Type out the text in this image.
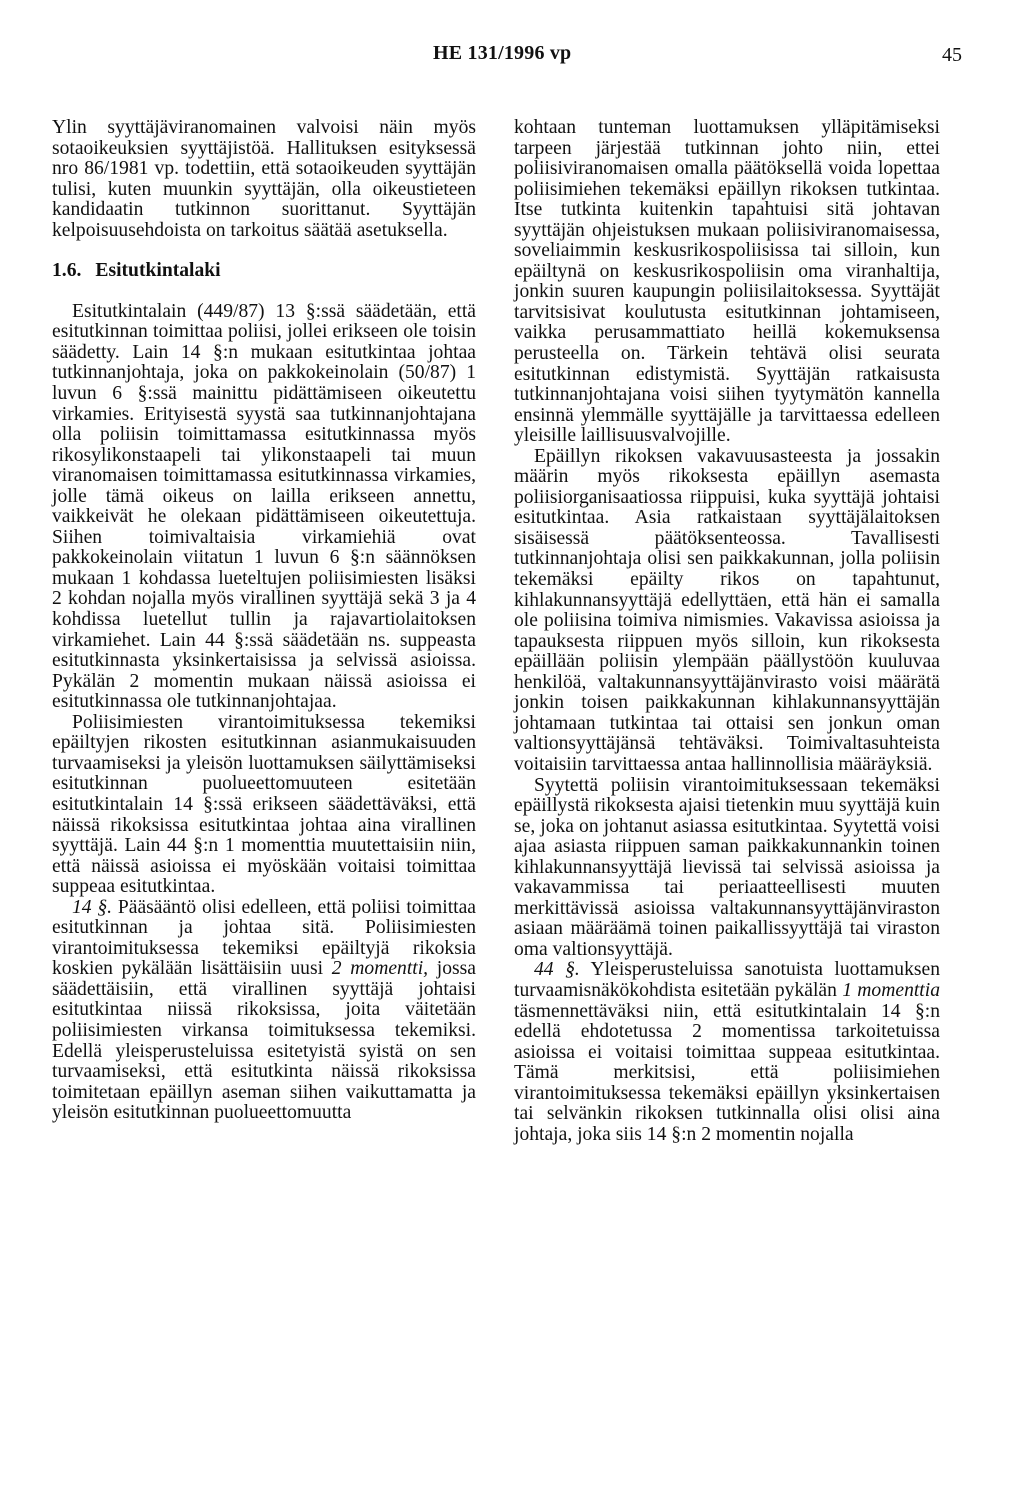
HE 131/1996 vp	45

Ylin syyttäjäviranomainen valvoisi näin myös sotaoikeuksien syyttäjistöä. Hallituksen esityksessä nro 86/1981 vp. todettiin, että sotaoikeuden syyttäjän tulisi, kuten muunkin syyttäjän, olla oikeustieteen kandidaatin tutkinnon suorittanut. Syyttäjän kelpoisuusehdoista on tarkoitus säätää asetuksella.

1.6. Esitutkintalaki

Esitutkintalain (449/87) 13 §:ssä säädetään, että esitutkinnan toimittaa poliisi, jollei erikseen ole toisin säädetty. Lain 14 §:n mukaan esitutkintaa johtaa tutkinnanjohtaja, joka on pakkokeinolain (50/87) 1 luvun 6 §:ssä mainittu pidättämiseen oikeutettu virkamies. Erityisestä syystä saa tutkinnanjohtajana olla poliisin toimittamassa esitutkinnassa myös rikosylikonstaapeli tai ylikonstaapeli tai muun viranomaisen toimittamassa esitutkinnassa virkamies, jolle tämä oikeus on lailla erikseen annettu, vaikkeivät he olekaan pidättämiseen oikeutettuja. Siihen toimivaltaisia virkamiehiä ovat pakkokeinolain viitatun 1 luvun 6 §:n säännöksen mukaan 1 kohdassa lueteltujen poliisimiesten lisäksi 2 kohdan nojalla myös virallinen syyttäjä sekä 3 ja 4 kohdissa luetellut tullin ja rajavartiolaitoksen virkamiehet. Lain 44 §:ssä säädetään ns. suppeasta esitutkinnasta yksinkertaisissa ja selvissä asioissa. Pykälän 2 momentin mukaan näissä asioissa ei esitutkinnassa ole tutkinnanjohtajaa.

Poliisimiesten virantoimituksessa tekemiksi epäiltyjen rikosten esitutkinnan asianmukaisuuden turvaamiseksi ja yleisön luottamuksen säilyttämiseksi esitutkinnan puolueettomuuteen esitetään esitutkintalain 14 §:ssä erikseen säädettäväksi, että näissä rikoksissa esitutkintaa johtaa aina virallinen syyttäjä. Lain 44 §:n 1 momenttia muutettaisiin niin, että näissä asioissa ei myöskään voitaisi toimittaa suppeaa esitutkintaa.

14 §. Pääsääntö olisi edelleen, että poliisi toimittaa esitutkinnan ja johtaa sitä. Poliisimiesten virantoimituksessa tekemiksi epäiltyjä rikoksia koskien pykälään lisättäisiin uusi 2 momentti, jossa säädettäisiin, että virallinen syyttäjä johtaisi esitutkintaa niissä rikoksissa, joita väitetään poliisimiesten virkansa toimituksessa tekemiksi. Edellä yleisperusteluissa esitetyistä syistä on sen turvaamiseksi, että esitutkinta näissä rikoksissa toimitetaan epäillyn aseman siihen vaikuttamatta ja yleisön esitutkinnan puolueettomuutta

kohtaan tunteman luottamuksen ylläpitämiseksi tarpeen järjestää tutkinnan johto niin, ettei poliisiviranomaisen omalla päätöksellä voida lopettaa poliisimiehen tekemäksi epäillyn rikoksen tutkintaa. Itse tutkinta kuitenkin tapahtuisi sitä johtavan syyttäjän ohjeistuksen mukaan poliisiviranomaisessa, soveliaimmin keskusrikospoliisissa tai silloin, kun epäiltynä on keskusrikospoliisin oma viranhaltija, jonkin suuren kaupungin poliisilaitoksessa. Syyttäjät tarvitsisivat koulutusta esitutkinnan johtamiseen, vaikka perusammattiato heillä kokemuksensa perusteella on. Tärkein tehtävä olisi seurata esitutkinnan edistymistä. Syyttäjän ratkaisusta tutkinnanjohtajana voisi siihen tyytymätön kannella ensinnä ylemmälle syyttäjälle ja tarvittaessa edelleen yleisille laillisuusvalvojille.

Epäillyn rikoksen vakavuusasteesta ja jossakin määrin myös rikoksesta epäillyn asemasta poliisiorganisaatiossa riippuisi, kuka syyttäjä johtaisi esitutkintaa. Asia ratkaistaan syyttäjälaitoksen sisäisessä päätöksenteossa. Tavallisesti tutkinnanjohtaja olisi sen paikkakunnan, jolla poliisin tekemäksi epäilty rikos on tapahtunut, kihlakunnansyyttäjä edellyttäen, että hän ei samalla ole poliisina toimiva nimismies. Vakavissa asioissa ja tapauksesta riippuen myös silloin, kun rikoksesta epäillään poliisin ylempään päällystöön kuuluvaa henkilöä, valtakunnansyyttäjänvirasto voisi määrätä jonkin toisen paikkakunnan kihlakunnansyyttäjän johtamaan tutkintaa tai ottaisi sen jonkun oman valtionsyyttäjänsä tehtäväksi. Toimivaltasuhteista voitaisiin tarvittaessa antaa hallinnollisia määräyksiä.

Syytettä poliisin virantoimituksessaan tekemäksi epäillystä rikoksesta ajaisi tietenkin muu syyttäjä kuin se, joka on johtanut asiassa esitutkintaa. Syytettä voisi ajaa asiasta riippuen saman paikkakunnankin toinen kihlakunnansyyttäjä lievissä tai selvissä asioissa ja vakavammissa tai periaatteellisesti muuten merkittävissä asioissa valtakunnansyyttäjänviraston asiaan määräämä toinen paikallissyyttäjä tai viraston oma valtionsyyttäjä.

44 §. Yleisperusteluissa sanotuista luottamuksen turvaamisnäkökohdista esitetään pykälän 1 momenttia täsmennettäväksi niin, että esitutkintalain 14 §:n edellä ehdotetussa 2 momentissa tarkoitetuissa asioissa ei voitaisi toimittaa suppeaa esitutkintaa. Tämä merkitsisi, että poliisimiehen virantoimituksessa tekemäksi epäillyn yksinkertaisen tai selvänkin rikoksen tutkinnalla olisi olisi aina johtaja, joka siis 14 §:n 2 momentin nojalla
